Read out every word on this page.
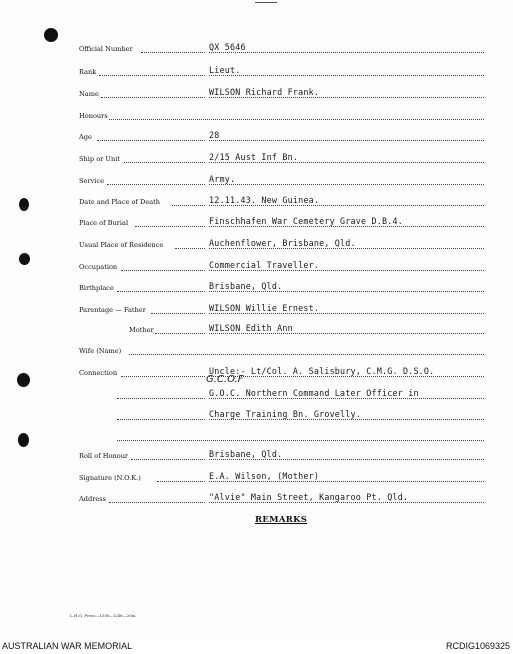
Official Number	QX 5646
Rank	Lieut.
Name	WILSON Richard Frank.
Honours
Age	28
Ship or Unit	2/15 Aust Inf Bn.
Service	Army.
Date and Place of Death	12.11.43. New Guinea.
Place of Burial	Finschhafen War Cemetery Grave D.B.4.
Usual Place of Residence	Auchenflower, Brisbane, Qld.
Occupation	Commercial Traveller.
Birthplace	Brisbane, Qld.
Parentage — Father	WILSON Willie Ernest.
Mother	WILSON Edith Ann
Wife (Name)
Connection	Uncle:- Lt/Col. A. Salisbury, C.M.G. D.S.O.
G.C.O.F
G.O.C. Northern Command Later Officer in
Charge Training Bn. Grovelly.
Roll of Honour	Brisbane, Qld.
Signature (N.O.K.)	E.A. Wilson, (Mother)
Address	"Alvie" Main Street, Kangaroo Pt. Qld.
REMARKS
L.H.Q. Press—1556—1/46—20m.
AUSTRALIAN WAR MEMORIAL	RCDIG1069325
